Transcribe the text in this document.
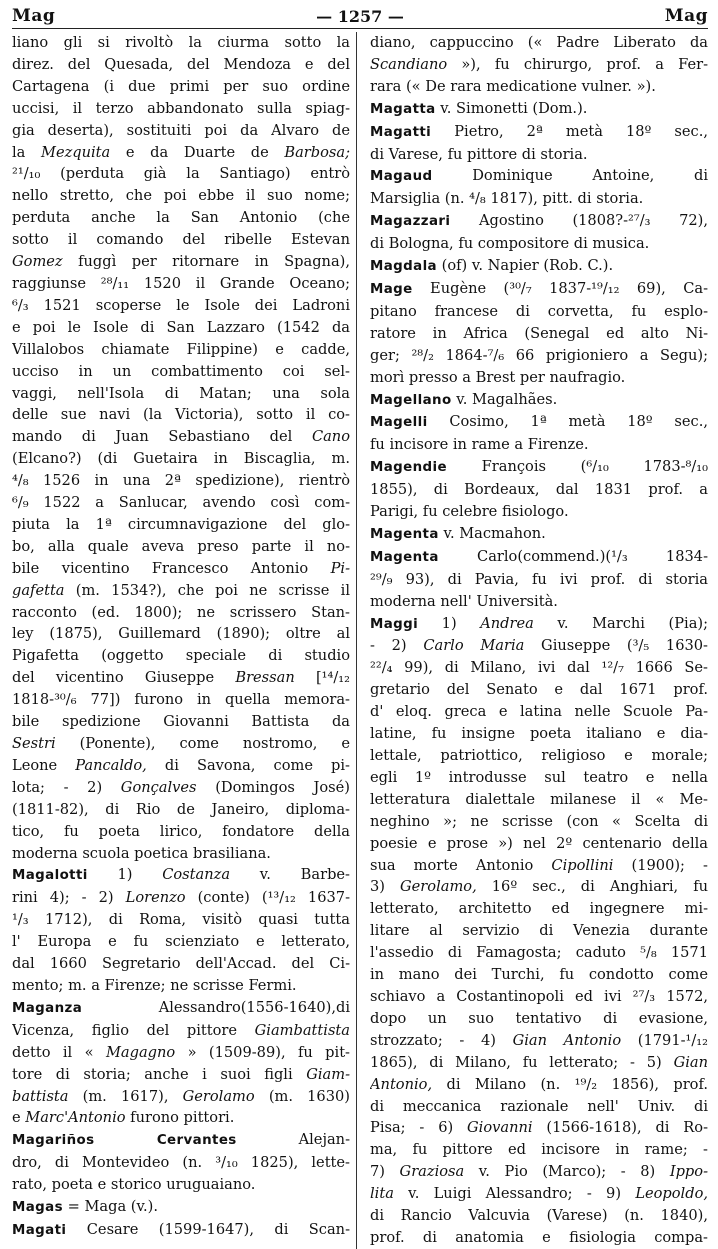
Mag	— 1257 —	Mag
liano gli si rivoltò la ciurma sotto la
direz. del Quesada, del Mendoza e del
Cartagena (i due primi per suo ordine
uccisi, il terzo abbandonato sulla spiag-
gia deserta), sostituiti poi da Alvaro de
la Mezquita e da Duarte de Barbosa;
²¹/₁₀ (perduta già la Santiago) entrò
nello stretto, che poi ebbe il suo nome;
perduta anche la San Antonio (che
sotto il comando del ribelle Estevan
Gomez fuggì per ritornare in Spagna),
raggiunse ²⁸/₁₁ 1520 il Grande Oceano;
⁶/₃ 1521 scoperse le Isole dei Ladroni
e poi le Isole di San Lazzaro (1542 da
Villalobos chiamate Filippine) e cadde,
ucciso in un combattimento coi sel-
vaggi, nell'Isola di Matan; una sola
delle sue navi (la Victoria), sotto il co-
mando di Juan Sebastiano del Cano
(Elcano?) (di Guetaira in Biscaglia, m.
⁴/₈ 1526 in una 2ª spedizione), rientrò
⁶/₉ 1522 a Sanlucar, avendo così com-
piuta la 1ª circumnavigazione del glo-
bo, alla quale aveva preso parte il no-
bile vicentino Francesco Antonio Pi-
gafetta (m. 1534?), che poi ne scrisse il
racconto (ed. 1800); ne scrissero Stan-
ley (1875), Guillemard (1890); oltre al
Pigafetta (oggetto speciale di studio
del vicentino Giuseppe Bressan [¹⁴/₁₂
1818-³⁰/₆ 77]) furono in quella memora-
bile spedizione Giovanni Battista da
Sestri (Ponente), come nostromo, e
Leone Pancaldo, di Savona, come pi-
lota; - 2) Gonçalves (Domingos José)
(1811-82), di Rio de Janeiro, diploma-
tico, fu poeta lirico, fondatore della
moderna scuola poetica brasiliana.
Magalotti 1) Costanza v. Barbe-
rini 4); - 2) Lorenzo (conte) (¹³/₁₂ 1637-
¹/₃ 1712), di Roma, visitò quasi tutta
l' Europa e fu scienziato e letterato,
dal 1660 Segretario dell'Accad. del Ci-
mento; m. a Firenze; ne scrisse Fermi.
Maganza Alessandro(1556-1640),di
Vicenza, figlio del pittore Giambattista
detto il « Magagno » (1509-89), fu pit-
tore di storia; anche i suoi figli Giam-
battista (m. 1617), Gerolamo (m. 1630)
e Marc'Antonio furono pittori.
Magariños Cervantes Alejan-
dro, di Montevideo (n. ³/₁₀ 1825), lette-
rato, poeta e storico uruguaiano.
Magas = Maga (v.).
Magati Cesare (1599-1647), di Scan-
diano, cappuccino (« Padre Liberato da
Scandiano »), fu chirurgo, prof. a Fer-
rara (« De rara medicatione vulner. »).
Magatta v. Simonetti (Dom.).
Magatti Pietro, 2ª metà 18º sec.,
di Varese, fu pittore di storia.
Magaud Dominique Antoine, di
Marsiglia (n. ⁴/₈ 1817), pitt. di storia.
Magazzari Agostino (1808?-²⁷/₃ 72),
di Bologna, fu compositore di musica.
Magdala (of) v. Napier (Rob. C.).
Mage Eugène (³⁰/₇ 1837-¹⁹/₁₂ 69), Ca-
pitano francese di corvetta, fu esplo-
ratore in Africa (Senegal ed alto Ni-
ger; ²⁸/₂ 1864-⁷/₆ 66 prigioniero a Segu);
morì presso a Brest per naufragio.
Magellano v. Magalhães.
Magelli Cosimo, 1ª metà 18º sec.,
fu incisore in rame a Firenze.
Magendie François (⁶/₁₀ 1783-⁸/₁₀
1855), di Bordeaux, dal 1831 prof. a
Parigi, fu celebre fisiologo.
Magenta v. Macmahon.
Magenta Carlo(commend.)(¹/₃ 1834-
²⁹/₉ 93), di Pavia, fu ivi prof. di storia
moderna nell' Università.
Maggi 1) Andrea v. Marchi (Pia);
- 2) Carlo Maria Giuseppe (³/₅ 1630-
²²/₄ 99), di Milano, ivi dal ¹²/₇ 1666 Se-
gretario del Senato e dal 1671 prof.
d' eloq. greca e latina nelle Scuole Pa-
latine, fu insigne poeta italiano e dia-
lettale, patriottico, religioso e morale;
egli 1º introdusse sul teatro e nella
letteratura dialettale milanese il « Me-
neghino »; ne scrisse (con « Scelta di
poesie e prose ») nel 2º centenario della
sua morte Antonio Cipollini (1900); -
3) Gerolamo, 16º sec., di Anghiari, fu
letterato, architetto ed ingegnere mi-
litare al servizio di Venezia durante
l'assedio di Famagosta; caduto ⁵/₈ 1571
in mano dei Turchi, fu condotto come
schiavo a Costantinopoli ed ivi ²⁷/₃ 1572,
dopo un suo tentativo di evasione,
strozzato; - 4) Gian Antonio (1791-¹/₁₂
1865), di Milano, fu letterato; - 5) Gian
Antonio, di Milano (n. ¹⁹/₂ 1856), prof.
di meccanica razionale nell' Univ. di
Pisa; - 6) Giovanni (1566-1618), di Ro-
ma, fu pittore ed incisore in rame; -
7) Graziosa v. Pio (Marco); - 8) Ippo-
lita v. Luigi Alessandro; - 9) Leopoldo,
di Rancio Valcuvia (Varese) (n. 1840),
prof. di anatomia e fisiologia compa-
